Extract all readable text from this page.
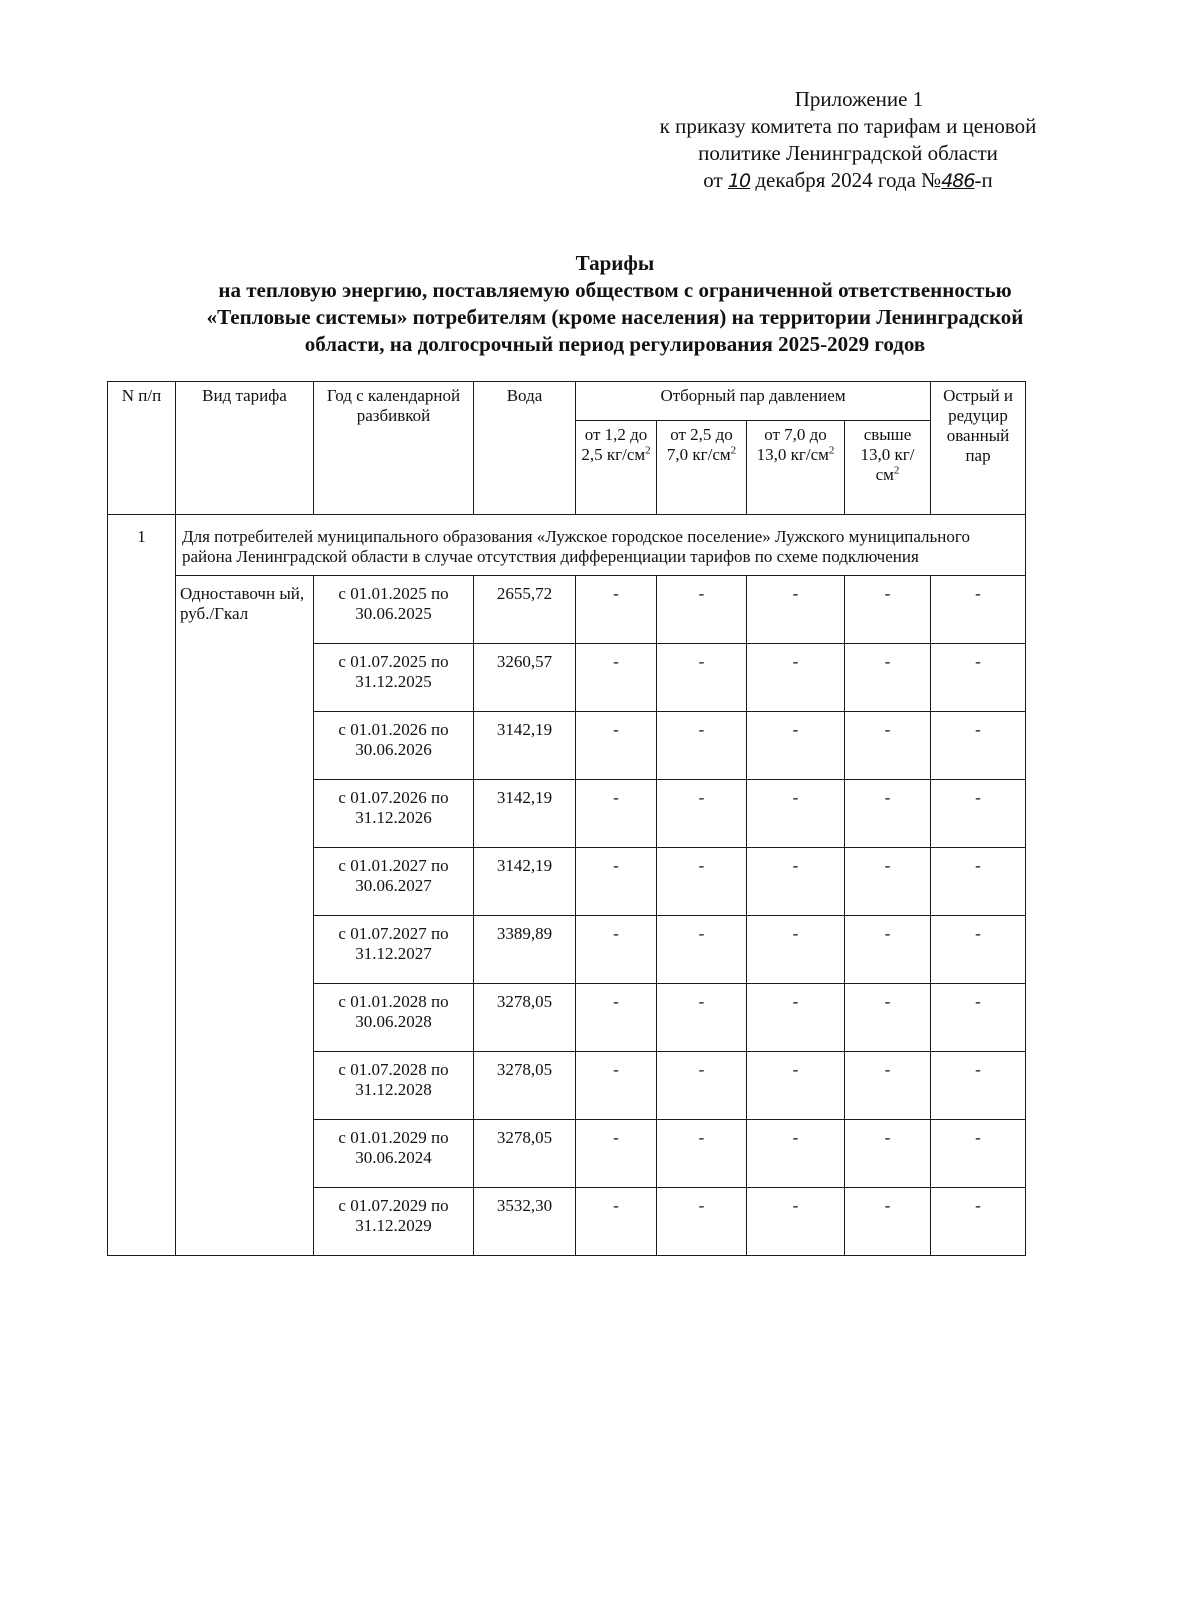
Приложение 1
к приказу комитета по тарифам и ценовой
политике Ленинградской области
от 10 декабря 2024 года №486-п
Тарифы
на тепловую энергию, поставляемую обществом с ограниченной ответственностью
«Тепловые системы» потребителям (кроме населения) на территории Ленинградской
области, на долгосрочный период регулирования 2025-2029 годов
N п/п	Вид тарифа	Год с календарной разбивкой	Вода	Отборный пар давлением				Острый и редуцир ованный пар
				от 1,2 до 2,5 $кг/см^2$	от 2,5 до 7,0 $кг/см^2$	от 7,0 до 13,0 $кг/см^2$	свыше 13,0 $кг/см^2$
1	Для потребителей муниципального образования «Лужское городское поселение» Лужского муниципального района Ленинградской области в случае отсутствия дифференциации тарифов по схеме подключения							
	Одноставочн ый, руб./Гкал	с 01.01.2025 по 30.06.2025	2655,72	-	-	-	-	-
		с 01.07.2025 по 31.12.2025	3260,57	-	-	-	-	-
		с 01.01.2026 по 30.06.2026	3142,19	-	-	-	-	-
		с 01.07.2026 по 31.12.2026	3142,19	-	-	-	-	-
		с 01.01.2027 по 30.06.2027	3142,19	-	-	-	-	-
		с 01.07.2027 по 31.12.2027	3389,89	-	-	-	-	-
		с 01.01.2028 по 30.06.2028	3278,05	-	-	-	-	-
		с 01.07.2028 по 31.12.2028	3278,05	-	-	-	-	-
		с 01.01.2029 по 30.06.2024	3278,05	-	-	-	-	-
		с 01.07.2029 по 31.12.2029	3532,30	-	-	-	-	-
